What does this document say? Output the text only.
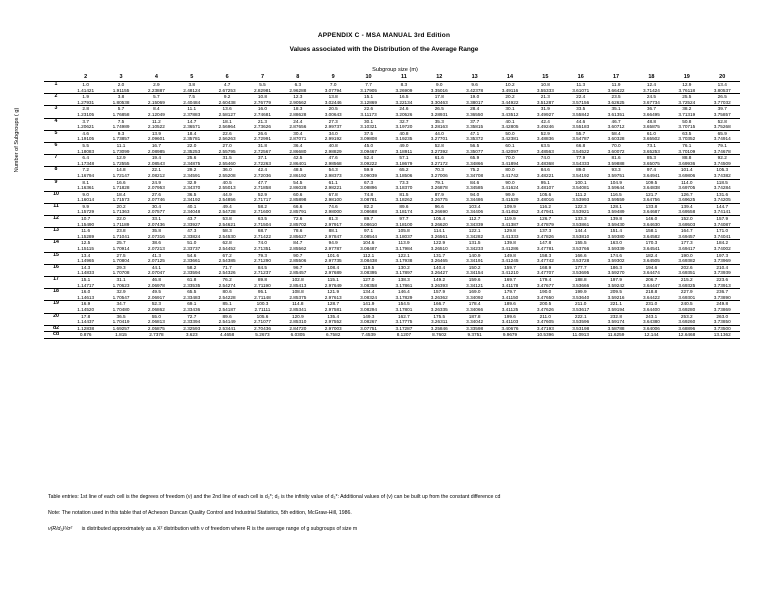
APPENDIX C - MSA MANUAL 3rd Edition
Values associated with the Distribution of the Average Range
Subgroup size (m)
Number of Subgroups ( g)
	2	3	4	5	6	7	8	9	10	11	12	13	14	15	16	17	18	19	20
1	1.0	2.0	2.9	3.8	4.7	5.5	6.3	7.0	7.7	8.3	9.0	9.6	10.2	10.8	11.3	11.9	12.4	12.9	13.4
	1.41421	1.91155	2.23887	2.48124	2.67253	2.82981	2.96288	3.07794	3.17905	3.26909	3.35016	3.42378	3.49116	3.55333	3.61071	3.66422	3.71424	3.76118	3.80537
2	1.9	3.8	5.7	7.5	9.2	10.8	12.3	13.8	15.1	16.5	17.8	19.0	20.2	21.3	22.4	23.5	24.5	25.5	26.5
	1.27931	1.80538	2.15069	2.40484	2.60438	2.76779	2.90562	3.02446	3.12869	3.22134	3.30463	3.38017	3.44922	3.51287	3.57156	3.62625	3.67734	3.72524	3.77032
3	2.8	5.7	8.4	11.1	13.6	16.0	18.3	20.5	22.6	24.6	26.5	28.4	30.1	31.9	33.5	35.1	36.7	38.2	39.7
	1.23105	1.76858	2.12049	2.37883	2.58127	2.74681	2.88628	3.00643	3.11173	3.20526	3.28931	3.36550	3.43512	3.49927	3.55842	3.61351	3.66495	3.71319	3.75857
4	3.7	7.5	11.2	14.7	18.1	21.3	24.4	27.3	30.1	32.7	35.3	37.7	40.1	42.4	44.6	46.7	48.8	50.8	52.8
	1.20621	1.74989	2.10522	2.36571	2.56964	2.73626	2.87656	2.99737	3.10321	3.19720	3.28163	3.35815	3.42805	3.49246	3.55183	3.60712	3.65875	3.70715	3.75268
5	4.6	9.3	13.9	18.4	22.6	26.6	30.4	34.0	37.5	40.8	44.0	47.1	50.0	52.9	55.7	58.4	61.0	63.5	65.9
	1.19105	1.73857	2.09601	2.35781	2.56263	2.72991	2.87071	2.99192	3.09808	3.19235	3.27701	3.35372	3.42381	3.48836	3.54787	3.60328	3.65502	3.70352	3.74914
6	5.5	11.1	16.7	22.0	27.0	31.8	36.4	40.8	45.0	49.0	52.8	56.5	60.1	63.5	66.8	70.0	73.1	76.1	79.1
	1.18083	1.73099	2.08985	2.35253	2.55795	2.72567	2.86680	2.98829	3.09467	3.18911	3.27392	3.35077	3.42097	3.48563	3.54522	3.60072	3.65253	3.70109	3.74678
7	6.4	12.9	19.4	25.6	31.5	37.1	42.5	47.6	52.4	57.1	61.6	65.9	70.0	74.0	77.9	81.6	85.3	88.8	92.2
	1.17348	1.72555	2.08543	2.34875	2.55460	2.72263	2.86401	2.98568	3.09222	3.18679	3.27172	3.34866	3.41894	3.48368	3.54333	3.59888	3.65075	3.69936	3.74509
8	7.2	14.8	22.1	29.2	36.0	42.4	48.5	54.3	59.9	65.2	70.3	75.2	80.0	84.6	89.0	93.3	97.4	101.4	105.3
	1.16794	1.72147	2.08212	2.34591	2.55208	2.72036	2.86192	2.98373	3.09039	3.18506	3.27006	3.34708	3.41742	3.48221	3.54192	3.59751	3.64941	3.69806	3.74382
9	8.1	16.6	24.9	32.9	40.5	47.7	54.5	61.1	67.3	73.3	79.1	84.6	90.0	95.1	100.1	104.9	109.5	114.0	118.5
	1.16361	1.71828	2.07953	2.34370	2.55013	2.71858	2.86028	2.98221	3.08896	3.18370	3.26878	3.34585	3.41624	3.48107	3.54081	3.59644	3.64838	3.69705	3.74284
10	9.0	18.4	27.6	36.5	44.9	52.9	60.6	67.8	74.8	81.5	87.9	94.0	99.9	105.6	111.2	116.5	121.7	126.7	131.6
	1.16014	1.71573	2.07746	2.34192	2.54856	2.71717	2.85898	2.98100	3.08781	3.18262	3.26775	3.34486	3.41529	3.48016	3.53993	3.59559	3.64756	3.69625	3.74205
11	9.9	20.2	30.4	40.1	49.4	58.2	66.6	74.6	82.2	89.6	96.6	103.4	109.9	116.2	122.3	128.1	133.8	139.4	144.7
	1.15729	1.71363	2.07577	2.34048	2.54728	2.71600	2.85791	2.98000	3.08688	3.18174	3.26690	3.34406	3.41452	3.47941	3.53921	3.59489	3.64687	3.69558	3.74141
12	10.7	22.0	33.1	43.7	53.8	63.5	72.6	81.3	89.7	97.7	105.4	112.7	119.9	126.7	133.3	139.8	146.0	152.0	157.9
	1.15490	1.71189	2.07436	2.33927	2.54621	2.71504	2.85702	2.97917	3.08610	3.18100	3.26620	3.34339	3.41387	3.47879	3.53861	3.59430	3.64630	3.69503	3.74087
13	11.6	23.8	35.8	47.3	58.3	68.7	78.6	88.1	97.1	105.8	114.1	122.1	129.8	137.3	144.4	151.4	158.1	164.7	171.0
	1.15289	1.71041	2.07316	2.33824	2.54530	2.71422	2.85627	2.97847	3.08544	3.18037	3.26561	3.34282	3.41333	3.47826	3.53810	3.59380	3.64582	3.69457	3.74041
14	12.5	25.7	38.6	51.0	62.8	74.0	84.7	94.9	104.6	113.9	122.9	131.5	139.8	147.8	155.5	163.0	170.3	177.3	184.2
	1.15115	1.70914	2.07213	2.33737	2.54452	2.71351	2.85562	2.97787	3.08487	3.17984	3.26510	3.34233	3.41286	3.47781	3.53766	3.59339	3.64541	3.69417	3.74002
15	13.4	27.5	41.3	54.6	67.2	79.3	90.7	101.6	112.1	122.1	131.7	140.9	149.8	158.3	166.6	174.6	182.4	190.0	197.3
	1.14965	1.70804	2.07125	2.33661	2.54385	2.71290	2.85506	2.97735	3.08438	3.17938	3.26465	3.34191	3.41245	3.47742	3.53728	3.59302	3.64505	3.69382	3.73969
16	14.3	29.3	44.1	58.2	71.7	84.5	96.7	108.4	119.5	130.2	140.4	150.2	159.7	168.9	177.7	186.3	194.6	202.6	210.4
	1.14833	1.70708	2.07047	2.33594	2.54326	2.71237	2.85457	2.97689	3.08395	3.17897	3.26427	3.34154	3.41210	3.47707	3.53695	3.59270	3.64474	3.69351	3.73939
17	15.1	31.1	46.8	61.8	76.2	89.8	102.8	115.1	127.0	138.3	149.2	159.6	169.7	179.4	188.8	197.9	206.7	215.2	223.6
	1.14717	1.70623	2.06978	2.33535	2.54274	2.71190	2.85413	2.97649	3.08358	3.17861	3.26393	3.34121	3.41178	3.47677	3.53666	3.59242	3.64447	3.69325	3.73913
18	16.0	32.9	49.5	65.5	80.6	95.1	108.8	121.9	134.4	146.4	157.9	169.0	179.7	190.0	199.9	209.5	218.8	227.9	236.7
	1.14613	1.70547	2.06917	2.33483	2.54228	2.71148	2.85375	2.97613	3.08324	3.17829	3.26362	3.34092	3.41150	3.47650	3.53640	3.59216	3.64422	3.69301	3.73890
19	16.9	34.7	52.3	69.1	85.1	100.3	114.8	128.7	141.9	154.5	166.7	178.4	189.6	200.5	211.0	221.1	231.0	240.5	249.8
	1.14520	1.70480	2.06862	2.33436	2.54187	2.71111	2.85341	2.97581	3.08294	3.17801	3.26335	3.34066	3.41125	3.47626	3.53617	3.59194	3.64400	3.69280	3.73869
20	17.8	36.5	55.0	72.7	89.6	105.6	120.9	135.4	149.3	162.7	175.5	187.8	199.6	211.0	222.1	232.8	243.1	253.2	263.0
	1.14437	1.70419	2.06813	2.33394	2.54149	2.71077	2.85310	2.97552	3.08267	3.17775	3.26311	3.34042	3.41103	3.47605	3.53596	3.59174	3.64380	3.69260	3.73850
d2	1.12838	1.69257	2.05875	2.32593	2.53441	2.70436	2.84720	2.97003	3.07751	3.17287	3.25846	3.33598	3.40676	3.47193	3.53198	3.58788	3.64006	3.68896	3.73500
cd	0.876	1.815	2.7378	3.623	4.4658	5.2673	6.0305	6.7582	7.4539	8.1207	8.7602	9.3751	9.9679	10.5396	11.0913	11.6259	12.144	12.6468	13.1362
Table entries: 1st line of each cell is the degrees of freedom (ν) and the 2nd line of each cell is d₂*; d₂ is the infinity value of d₂*: Additional values of (ν) can be built up from the constant difference cd
Note: The notation used in this table that of Acheson Duncan Quality Control and Industrial Statistics, 5th edition, McGraw-Hill, 1986.
ν(R/d₂)²/σ² is distributed approximately as a X² distribution with ν of freedom where R is the average range of g subgroups of size m
